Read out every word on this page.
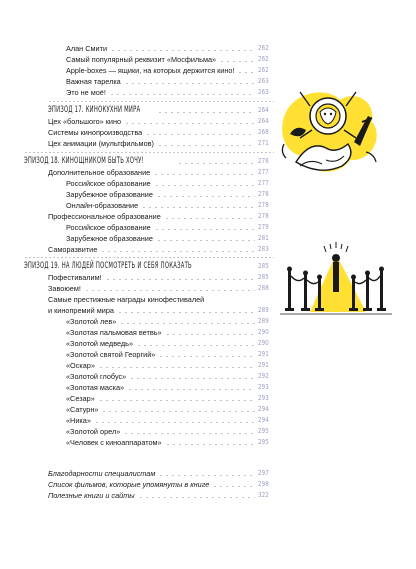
Алан Смити	262
Самый популярный реквизит «Мосфильма»	262
Apple-boxes — ящики, на которых держится кино!	262
Важная тарелка	263
Это не моё!	263
ЭПИЗОД 17. КИНОКУХНИ МИРА	264
Цех «большого» кино	264
Системы кинопроизводства	268
Цех анимации (мультфильмов)	271
ЭПИЗОД 18. КИНОЩНИКОМ БЫТЬ ХОЧУ!	276
Дополнительное образование	277
Российское образование	277
Зарубежное образование	278
Онлайн-образование	278
Профессиональное образование	278
Российское образование	279
Зарубежное образование	281
Саморазвитие	283
ЭПИЗОД 19. НА ЛЮДЕЙ ПОСМОТРЕТЬ И СЕБЯ ПОКАЗАТЬ	285
Пофестивалим!	285
Завоюем!	288
Самые престижные награды кинофестивалей
и кинопремий мира	289
«Золотой лев»	289
«Золотая пальмовая ветвь»	290
«Золотой медведь»	290
«Золотой святой Георгий»	291
«Оскар»	291
«Золотой глобус»	292
«Золотая маска»	293
«Сезар»	293
«Сатурн»	294
«Ника»	294
«Золотой орел»	295
«Человек с киноаппаратом»	295
Благодарности специалистам	297
Список фильмов, которые упомянуты в книге	298
Полезные книги и сайты	322
